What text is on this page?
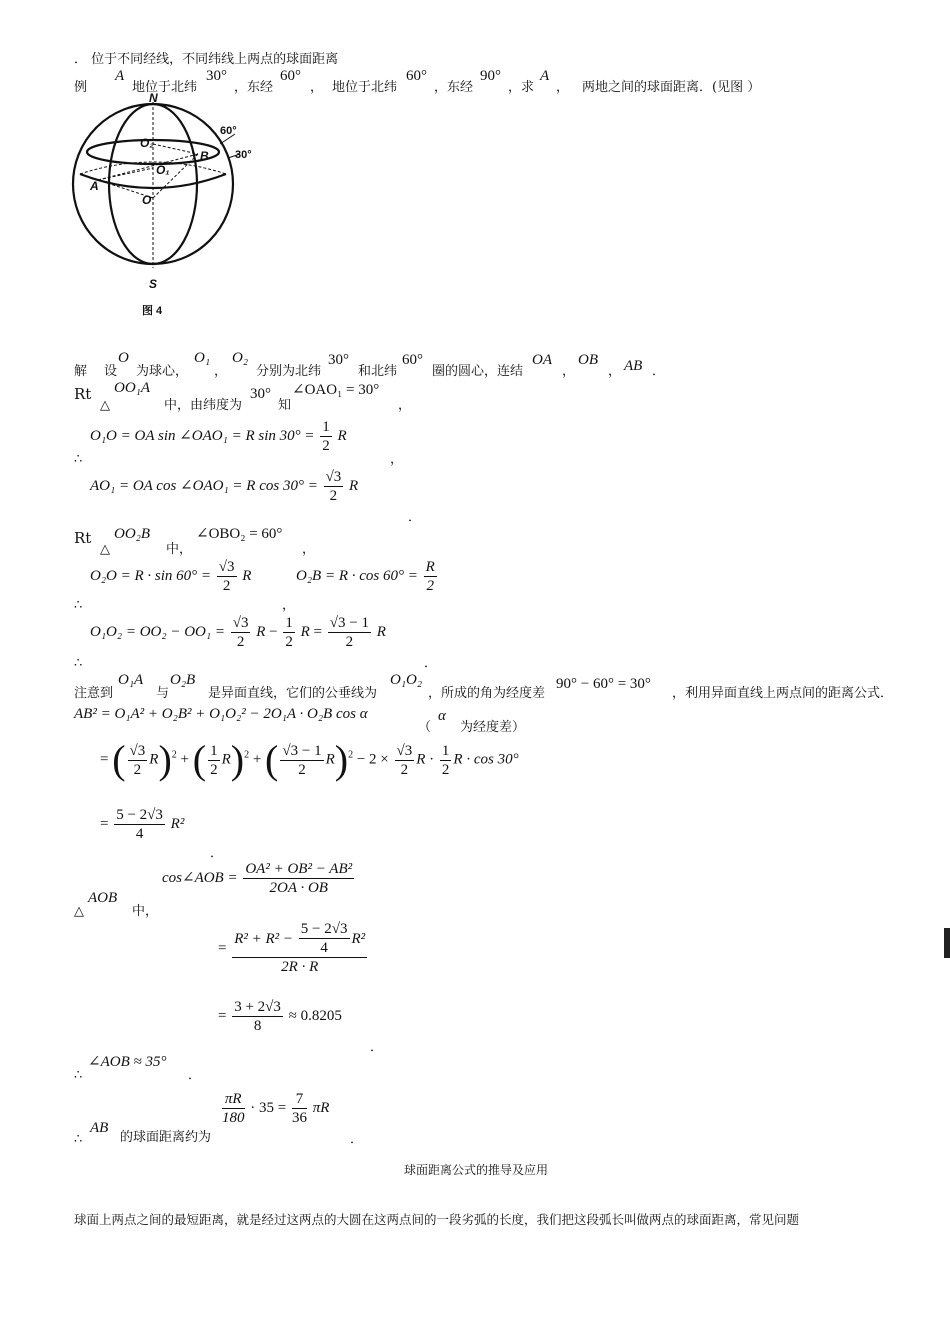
． 位于不同经线，不同纬线上两点的球面距离
例
A
地位于北纬
30°
，东经
60°
， 地位于北纬
60°
，东经
90°
，求
A
， 两地之间的球面距离．(见图 ）
N
S
O
O₂
O₁
A
B
60°
30°
图 4
解 设
O
为球心，
O₁
，
O₂
分别为北纬
30°
和北纬
60°
圈的圆心，连结
OA
，
OB
， AB ．
Rt
△
OO₁A
中，由纬度为
30°
知
∠OAO₁ = 30°
，
O₁O = OA sin ∠OAO₁ = R $\sin 30^\circ = \frac{1}{2}$ R
∴	，
AO₁ = OA cos ∠OAO₁ = R $\cos 30^\circ = \frac{√3}{2}$ R
．
Rt
△
OO₂B
中，
∠OBO₂ = 60°
，
$O_2O = R \cdot \sin 60^\circ = \frac{√3}{2}$ R	$O_2B = R \cdot \cos 60^\circ = \frac{R}{2}$
∴	，
$O_1O_2 = OO_2 - OO_1 = \frac{√3}{2}$ $R - \frac{1}{2}$ $R = \frac{√3 - 1}{2}$ R
∴	．
注意到
O₁A
与
O₂B
是异面直线，它们的公垂线为
O₁O₂
，所成的角为经度差
90° − 60° = 30°
，利用异面直线上两点间的距离公式．
AB² = O₁A² + O₂B² + O₁O₂² − 2O₁A · O₂B cos α
（
α
为经度差）
= ( $\frac{√3}{2} R)^2$ + ( $\frac{1}{2} R)^2$ + ( $\frac{√3 - 1}{2} R)^2 - 2 \times \frac{√3}{2}$ $R \cdot \frac{1}{2}$ R · cos 30°
= $\frac{5 - 2√3}{4} R^2$
．
cos∠AOB = $\frac{\text{OA² + OB² − AB²}}{2OA \cdot OB}$
△
AOB
中，
= $\frac{R^2 + R^2 - \frac{5 - 2√3}{4} R^2}{2R \cdot R}$
= $\frac{3 + 2√3}{8} \approx 0.8205$
．
∴
∠AOB ≈ 35°
．
∴
AB
的球面距离约为
$\frac{\pi R}{180} \cdot 35 = \frac{7}{36}$ πR
．
球面距离公式的推导及应用
球面上两点之间的最短距离，就是经过这两点的大圆在这两点间的一段劣弧的长度，我们把这段弧长叫做两点的球面距离，常见问题
